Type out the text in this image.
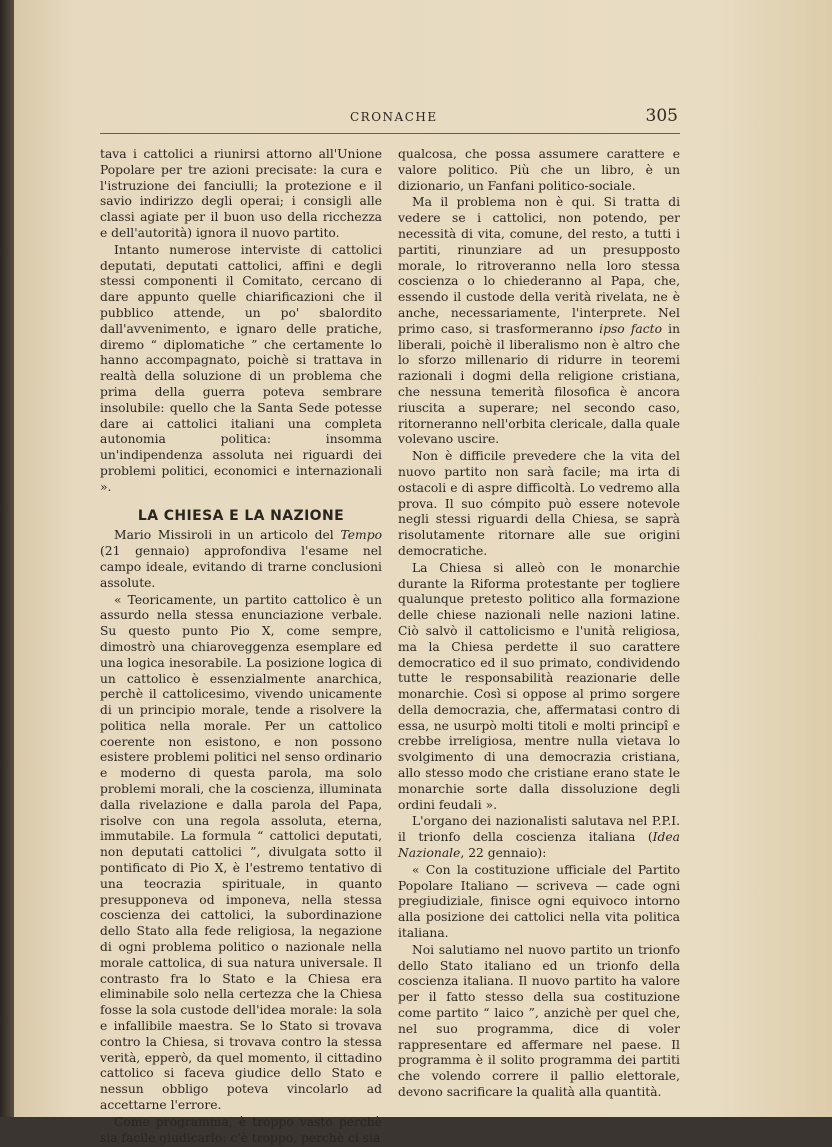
CRONACHE	305

tava i cattolici a riunirsi attorno all'Unione Popolare per tre azioni precisate: la cura e l'istruzione dei fanciulli; la protezione e il savio indirizzo degli operai; i consigli alle classi agiate per il buon uso della ricchezza e dell'autorità) ignora il nuovo partito.

Intanto numerose interviste di cattolici deputati, deputati cattolici, affini e degli stessi componenti il Comitato, cercano di dare appunto quelle chiarificazioni che il pubblico attende, un po' sbalordito dall'avvenimento, e ignaro delle pratiche, diremo “ diplomatiche ” che certamente lo hanno accompagnato, poichè si trattava in realtà della soluzione di un problema che prima della guerra poteva sembrare insolubile: quello che la Santa Sede potesse dare ai cattolici italiani una completa autonomia politica: insomma un'indipendenza assoluta nei riguardi dei problemi politici, economici e internazionali ».

LA CHIESA E LA NAZIONE

Mario Missiroli in un articolo del Tempo (21 gennaio) approfondiva l'esame nel campo ideale, evitando di trarne conclusioni assolute.

« Teoricamente, un partito cattolico è un assurdo nella stessa enunciazione verbale. Su questo punto Pio X, come sempre, dimostrò una chiaroveggenza esemplare ed una logica inesorabile. La posizione logica di un cattolico è essenzialmente anarchica, perchè il cattolicesimo, vivendo unicamente di un principio morale, tende a risolvere la politica nella morale. Per un cattolico coerente non esistono, e non possono esistere problemi politici nel senso ordinario e moderno di questa parola, ma solo problemi morali, che la coscienza, illuminata dalla rivelazione e dalla parola del Papa, risolve con una regola assoluta, eterna, immutabile. La formula “ cattolici deputati, non deputati cattolici ”, divulgata sotto il pontificato di Pio X, è l'estremo tentativo di una teocrazia spirituale, in quanto presupponeva od imponeva, nella stessa coscienza dei cattolici, la subordinazione dello Stato alla fede religiosa, la negazione di ogni problema politico o nazionale nella morale cattolica, di sua natura universale. Il contrasto fra lo Stato e la Chiesa era eliminabile solo nella certezza che la Chiesa fosse la sola custode dell'idea morale: la sola e infallibile maestra. Se lo Stato si trovava contro la Chiesa, si trovava contro la stessa verità, epperò, da quel momento, il cittadino cattolico si faceva giudice dello Stato e nessun obbligo poteva vincolarlo ad accettarne l'errore.

Come programma, è troppo vasto perchè sia facile giudicarlo: c'è troppo, perchè ci sia

qualcosa, che possa assumere carattere e valore politico. Più che un libro, è un dizionario, un Fanfani politico-sociale.

Ma il problema non è qui. Si tratta di vedere se i cattolici, non potendo, per necessità di vita, comune, del resto, a tutti i partiti, rinunziare ad un presupposto morale, lo ritroveranno nella loro stessa coscienza o lo chiederanno al Papa, che, essendo il custode della verità rivelata, ne è anche, necessariamente, l'interprete. Nel primo caso, si trasformeranno ipso facto in liberali, poichè il liberalismo non è altro che lo sforzo millenario di ridurre in teoremi razionali i dogmi della religione cristiana, che nessuna temerità filosofica è ancora riuscita a superare; nel secondo caso, ritorneranno nell'orbita clericale, dalla quale volevano uscire.

Non è difficile prevedere che la vita del nuovo partito non sarà facile; ma irta di ostacoli e di aspre difficoltà. Lo vedremo alla prova. Il suo cómpito può essere notevole negli stessi riguardi della Chiesa, se saprà risolutamente ritornare alle sue origini democratiche.

La Chiesa si alleò con le monarchie durante la Riforma protestante per togliere qualunque pretesto politico alla formazione delle chiese nazionali nelle nazioni latine. Ciò salvò il cattolicismo e l'unità religiosa, ma la Chiesa perdette il suo carattere democratico ed il suo primato, condividendo tutte le responsabilità reazionarie delle monarchie. Così si oppose al primo sorgere della democrazia, che, affermatasi contro di essa, ne usurpò molti titoli e molti principî e crebbe irreligiosa, mentre nulla vietava lo svolgimento di una democrazia cristiana, allo stesso modo che cristiane erano state le monarchie sorte dalla dissoluzione degli ordini feudali ».

L'organo dei nazionalisti salutava nel P.P.I. il trionfo della coscienza italiana (Idea Nazionale, 22 gennaio):

« Con la costituzione ufficiale del Partito Popolare Italiano — scriveva — cade ogni pregiudiziale, finisce ogni equivoco intorno alla posizione dei cattolici nella vita politica italiana.

Noi salutiamo nel nuovo partito un trionfo dello Stato italiano ed un trionfo della coscienza italiana. Il nuovo partito ha valore per il fatto stesso della sua costituzione come partito “ laico ”, anzichè per quel che, nel suo programma, dice di voler rappresentare ed affermare nel paese. Il programma è il solito programma dei partiti che volendo correre il pallio elettorale, devono sacrificare la qualità alla quantità.
